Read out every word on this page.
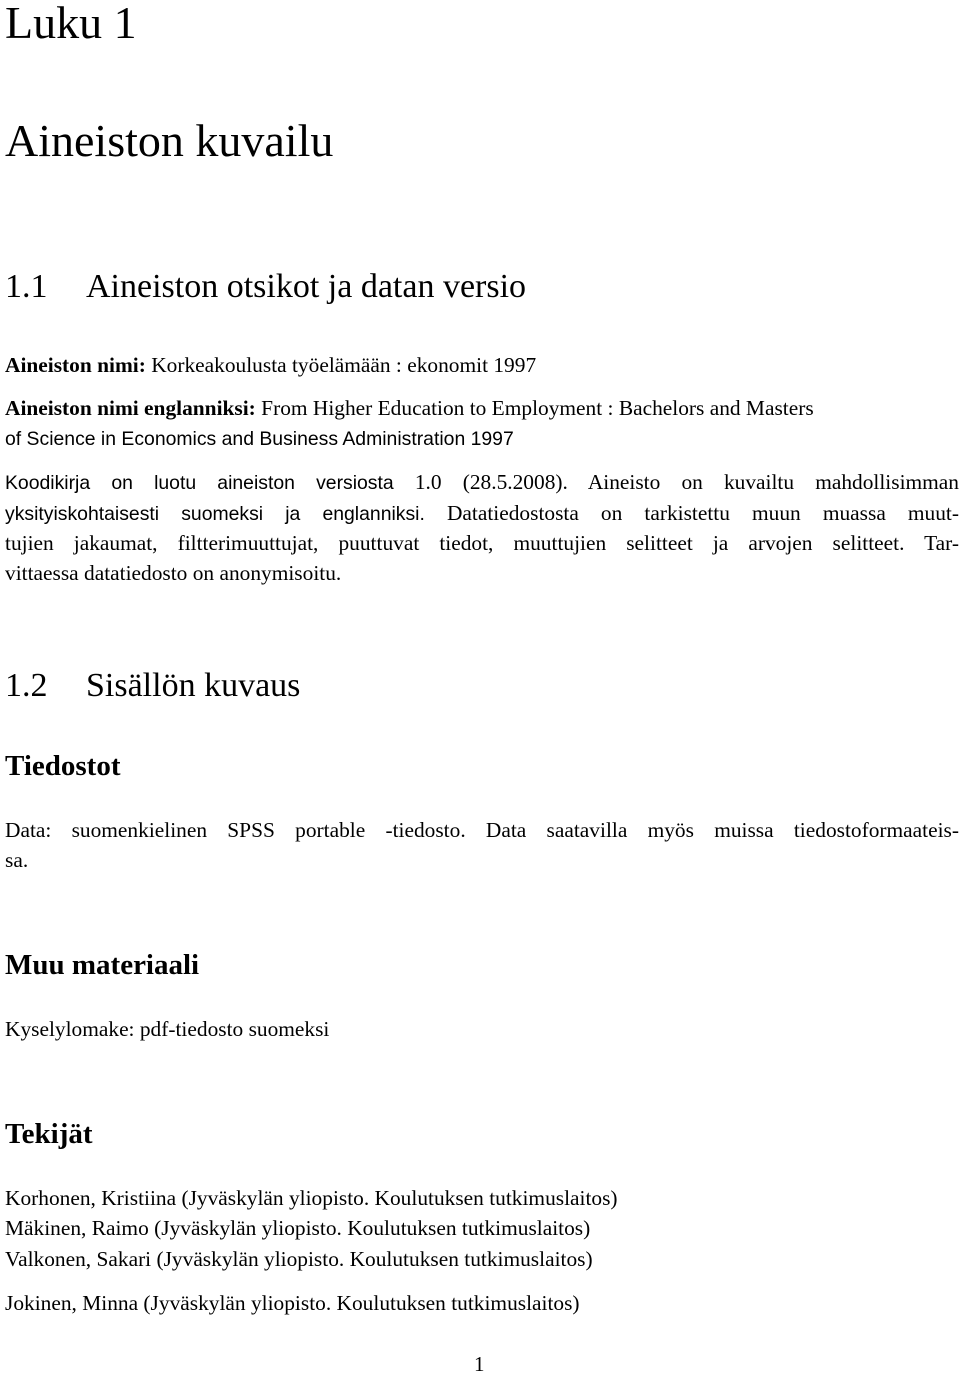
Luku 1
Aineiston kuvailu
1.1 Aineiston otsikot ja datan versio
Aineiston nimi: Korkeakoulusta työelämään : ekonomit 1997
Aineiston nimi englanniksi: From Higher Education to Employment : Bachelors and Masters
of Science in Economics and Business Administration 1997
Koodikirja on luotu aineiston versiosta 1.0 (28.5.2008). Aineisto on kuvailtu mahdollisimman
yksityiskohtaisesti suomeksi ja englanniksi. Datatiedostosta on tarkistettu muun muassa muut-
tujien jakaumat, filtterimuuttujat, puuttuvat tiedot, muuttujien selitteet ja arvojen selitteet. Tar-
vittaessa datatiedosto on anonymisoitu.
1.2 Sisällön kuvaus
Tiedostot
Data: suomenkielinen SPSS portable -tiedosto. Data saatavilla myös muissa tiedostoformaateis-
sa.
Muu materiaali
Kyselylomake: pdf-tiedosto suomeksi
Tekijät
Korhonen, Kristiina (Jyväskylän yliopisto. Koulutuksen tutkimuslaitos)
Mäkinen, Raimo (Jyväskylän yliopisto. Koulutuksen tutkimuslaitos)
Valkonen, Sakari (Jyväskylän yliopisto. Koulutuksen tutkimuslaitos)
Jokinen, Minna (Jyväskylän yliopisto. Koulutuksen tutkimuslaitos)
1
